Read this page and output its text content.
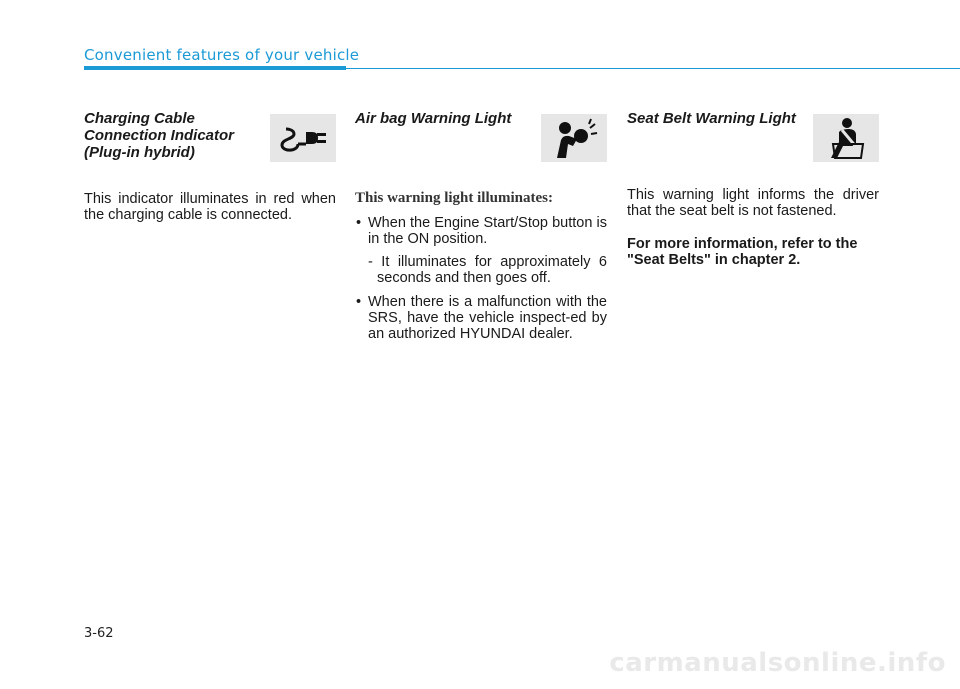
Convenient features of your vehicle
Charging Cable
Connection Indicator
(Plug-in hybrid)

This indicator illuminates in red when the charging cable is connected.

Air bag Warning Light
This warning light illuminates:
• When the Engine Start/Stop button is in the ON position.
- It illuminates for approximately 6 seconds and then goes off.
• When there is a malfunction with the SRS, have the vehicle inspect-ed by an authorized HYUNDAI dealer.
Seat Belt Warning Light

This warning light informs the driver that the seat belt is not fastened.

For more information, refer to the "Seat Belts" in chapter 2.

3-62
carmanualsonline.info
